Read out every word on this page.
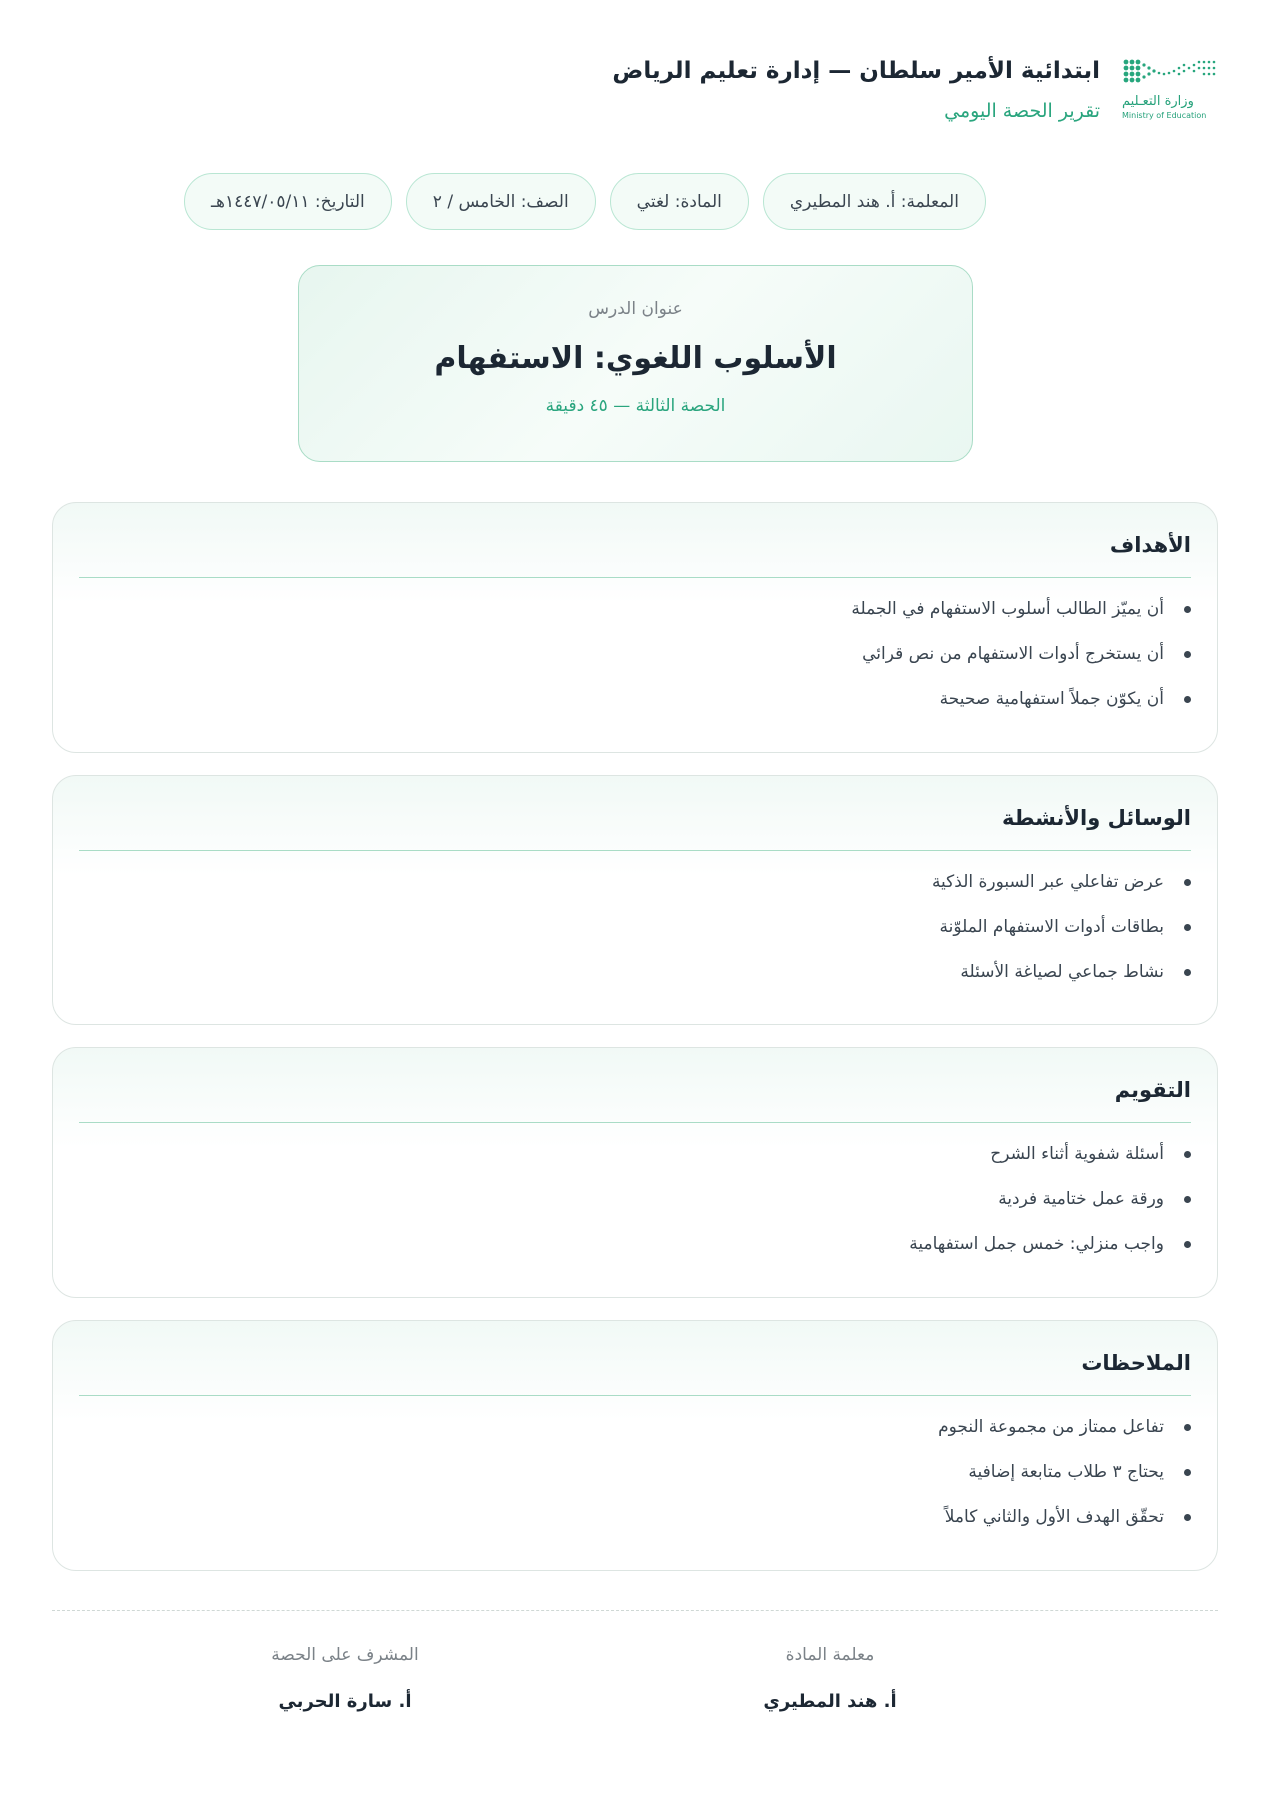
وزارة التعـليم
Ministry of Education
ابتدائية الأمير سلطان — إدارة تعليم الرياض
تقرير الحصة اليومي
المعلمة: أ. هند المطيري
المادة: لغتي
الصف: الخامس / ٢
التاريخ: ١٤٤٧/٠٥/١١هـ
عنوان الدرس
الأسلوب اللغوي: الاستفهام
الحصة الثالثة — ٤٥ دقيقة
الأهداف
أن يميّز الطالب أسلوب الاستفهام في الجملة
أن يستخرج أدوات الاستفهام من نص قرائي
أن يكوّن جملاً استفهامية صحيحة
الوسائل والأنشطة
عرض تفاعلي عبر السبورة الذكية
بطاقات أدوات الاستفهام الملوّنة
نشاط جماعي لصياغة الأسئلة
التقويم
أسئلة شفوية أثناء الشرح
ورقة عمل ختامية فردية
واجب منزلي: خمس جمل استفهامية
الملاحظات
تفاعل ممتاز من مجموعة النجوم
يحتاج ٣ طلاب متابعة إضافية
تحقّق الهدف الأول والثاني كاملاً
معلمة المادة
أ. هند المطيري
المشرف على الحصة
أ. سارة الحربي
